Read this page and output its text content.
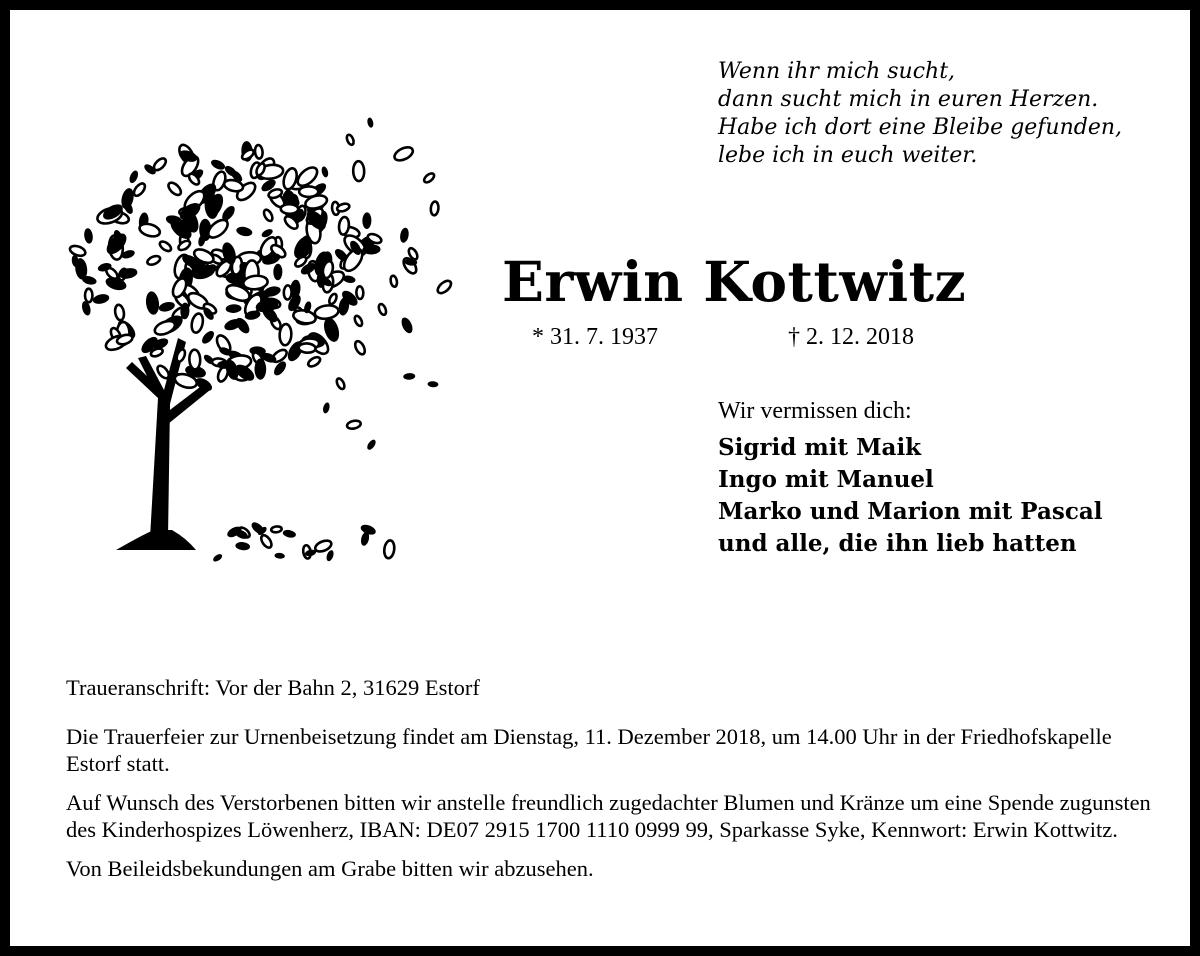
Wenn ihr mich sucht,
dann sucht mich in euren Herzen.
Habe ich dort eine Bleibe gefunden,
lebe ich in euch weiter.
Erwin Kottwitz
* 31. 7. 1937	† 2. 12. 2018
Wir vermissen dich:
Sigrid mit Maik
Ingo mit Manuel
Marko und Marion mit Pascal
und alle, die ihn lieb hatten

Traueranschrift: Vor der Bahn 2, 31629 Estorf

Die Trauerfeier zur Urnenbeisetzung findet am Dienstag, 11. Dezember 2018, um 14.00 Uhr in der Friedhofskapelle Estorf statt.

Auf Wunsch des Verstorbenen bitten wir anstelle freundlich zugedachter Blumen und Kränze um eine Spende zugunsten des Kinderhospizes Löwenherz, IBAN: DE07 2915 1700 1110 0999 99, Sparkasse Syke, Kennwort: Erwin Kottwitz.

Von Beileidsbekundungen am Grabe bitten wir abzusehen.
